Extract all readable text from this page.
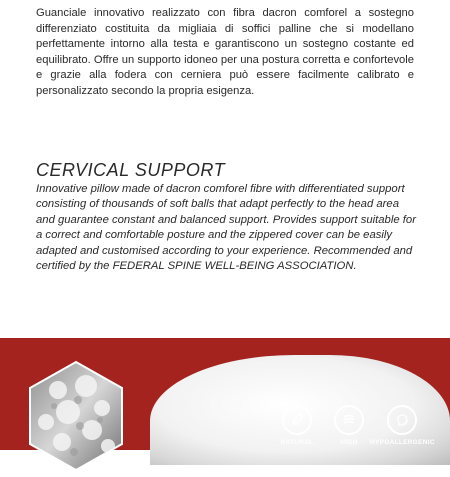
Guanciale innovativo realizzato con fibra dacron comforel a sostegno differenziato costituita da migliaia di soffici palline che si modellano perfettamente intorno alla testa e garantiscono un sostegno costante ed equilibrato. Offre un supporto idoneo per una postura corretta e confortevole e grazie alla fodera con cerniera può essere facilmente calibrato e personalizzato secondo la propria esigenza.

CERVICAL SUPPORT

Innovative pillow made of dacron comforel fibre with differentiated support consisting of thousands of soft balls that adapt perfectly to the head area and guarantee constant and balanced support. Provides support suitable for a correct and comfortable posture and the zippered cover can be easily adapted and customised according to your experience. Recommended and certified by the FEDERAL SPINE WELL-BEING ASSOCIATION.

NATURAL	HIGH	HYPOALLERGENIC
